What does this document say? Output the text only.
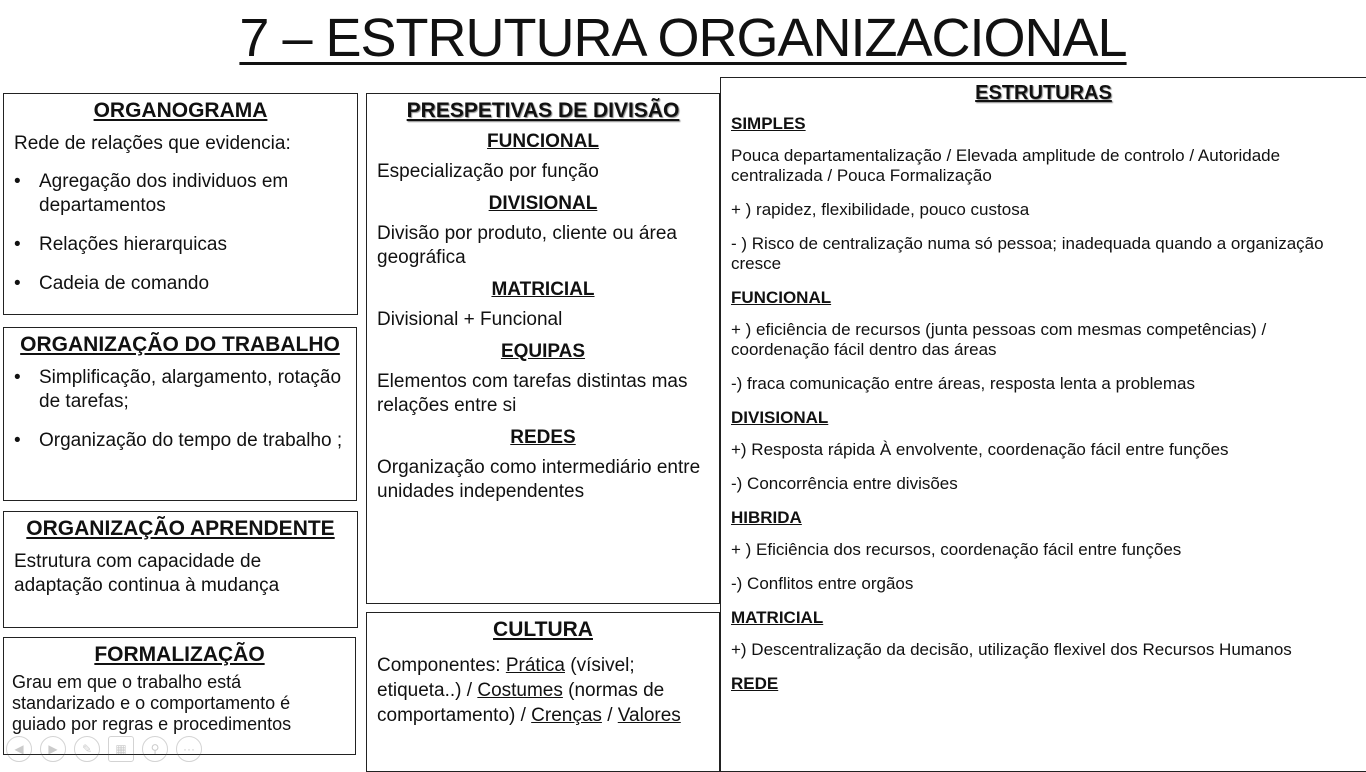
7 – ESTRUTURA ORGANIZACIONAL
ORGANOGRAMA
Rede de relações que evidencia:
• Agregação dos individuos em departamentos
• Relações hierarquicas
• Cadeia de comando
ORGANIZAÇÃO DO TRABALHO
• Simplificação, alargamento, rotação de tarefas;
• Organização do tempo de trabalho ;
ORGANIZAÇÃO APRENDENTE
Estrutura com capacidade de adaptação continua à mudança
FORMALIZAÇÃO
Grau em que o trabalho está standarizado e o comportamento é guiado por regras e procedimentos
PRESPETIVAS DE DIVISÃO
FUNCIONAL
Especialização por função
DIVISIONAL
Divisão por produto, cliente ou área geográfica
MATRICIAL
Divisional + Funcional
EQUIPAS
Elementos com tarefas distintas mas relações entre si
REDES
Organização como intermediário entre unidades independentes
CULTURA
Componentes: Prática (vísivel; etiqueta..) / Costumes (normas de comportamento) / Crenças / Valores
ESTRUTURAS
SIMPLES
Pouca departamentalização / Elevada amplitude de controlo / Autoridade centralizada / Pouca Formalização
+ ) rapidez, flexibilidade, pouco custosa
- ) Risco de centralização numa só pessoa; inadequada quando a organização cresce
FUNCIONAL
+ ) eficiência de recursos (junta pessoas com mesmas competências) / coordenação fácil dentro das áreas
-) fraca comunicação entre áreas, resposta lenta a problemas
DIVISIONAL
+) Resposta rápida À envolvente, coordenação fácil entre funções
-) Concorrência entre divisões
HIBRIDA
+ ) Eficiência dos recursos, coordenação fácil entre funções
-) Conflitos entre orgãos
MATRICIAL
+) Descentralização da decisão, utilização flexivel dos Recursos Humanos
REDE
◀	▶	✎	▦	⚲	···
